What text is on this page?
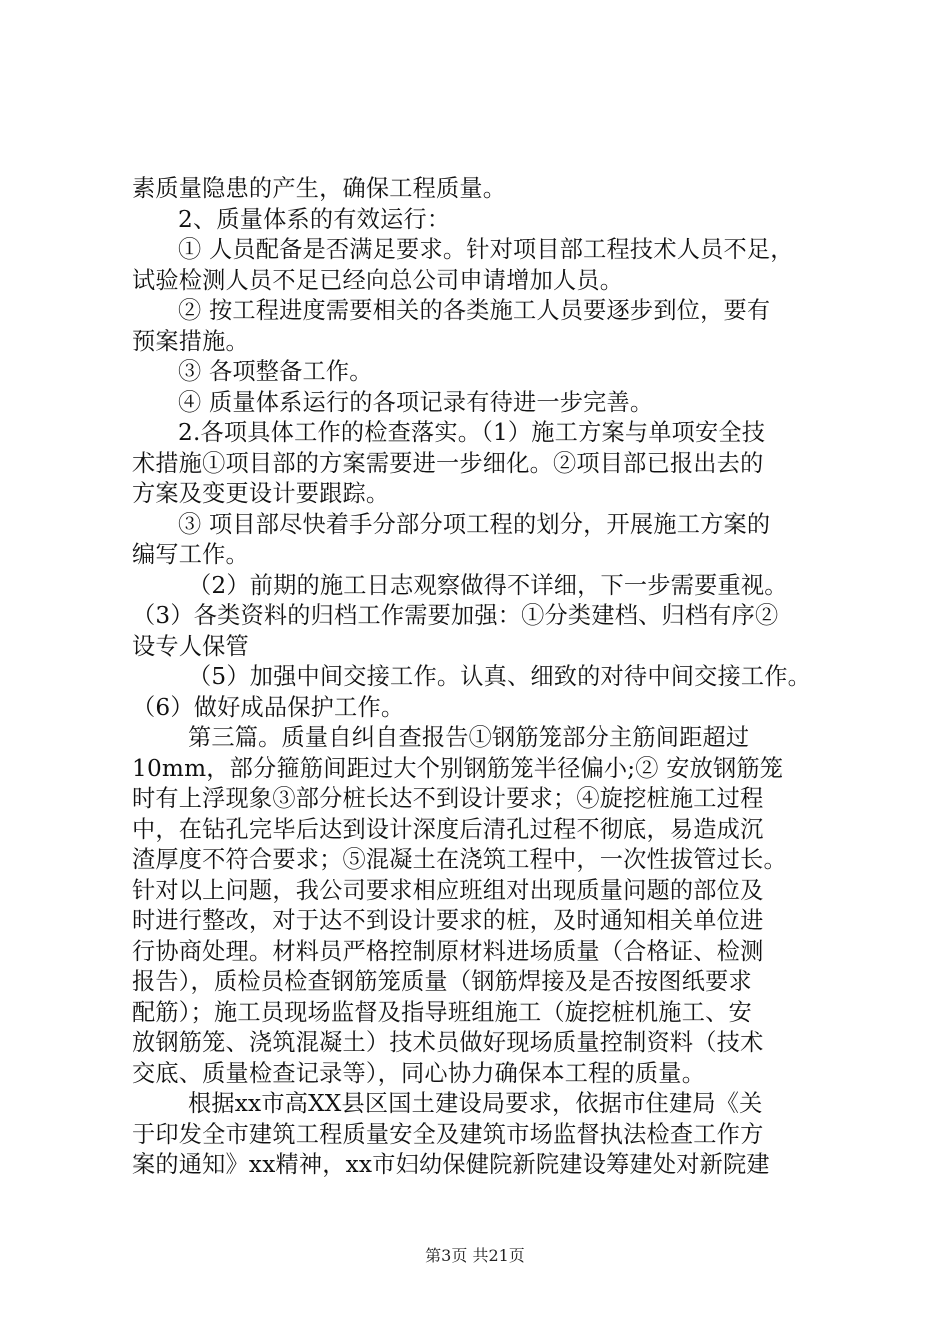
素质量隐患的产生，确保工程质量。
2、质量体系的有效运行：
① 人员配备是否满足要求。针对项目部工程技术人员不足，
试验检测人员不足已经向总公司申请增加人员。
② 按工程进度需要相关的各类施工人员要逐步到位，要有
预案措施。
③ 各项整备工作。
④ 质量体系运行的各项记录有待进一步完善。
2.各项具体工作的检查落实。（1）施工方案与单项安全技
术措施①项目部的方案需要进一步细化。②项目部已报出去的
方案及变更设计要跟踪。
③ 项目部尽快着手分部分项工程的划分，开展施工方案的
编写工作。
（2）前期的施工日志观察做得不详细，下一步需要重视。
（3）各类资料的归档工作需要加强：①分类建档、归档有序②
设专人保管
（5）加强中间交接工作。认真、细致的对待中间交接工作。
（6）做好成品保护工作。
第三篇。质量自纠自查报告①钢筋笼部分主筋间距超过
10mm，部分箍筋间距过大个别钢筋笼半径偏小;② 安放钢筋笼
时有上浮现象③部分桩长达不到设计要求；④旋挖桩施工过程
中，在钻孔完毕后达到设计深度后清孔过程不彻底，易造成沉
渣厚度不符合要求；⑤混凝土在浇筑工程中，一次性拔管过长。
针对以上问题，我公司要求相应班组对出现质量问题的部位及
时进行整改，对于达不到设计要求的桩，及时通知相关单位进
行协商处理。材料员严格控制原材料进场质量（合格证、检测
报告），质检员检查钢筋笼质量（钢筋焊接及是否按图纸要求
配筋）；施工员现场监督及指导班组施工（旋挖桩机施工、安
放钢筋笼、浇筑混凝土）技术员做好现场质量控制资料（技术
交底、质量检查记录等），同心协力确保本工程的质量。
根据xx市高XX县区国土建设局要求，依据市住建局《关
于印发全市建筑工程质量安全及建筑市场监督执法检查工作方
案的通知》xx精神，xx市妇幼保健院新院建设筹建处对新院建
第3页 共21页
